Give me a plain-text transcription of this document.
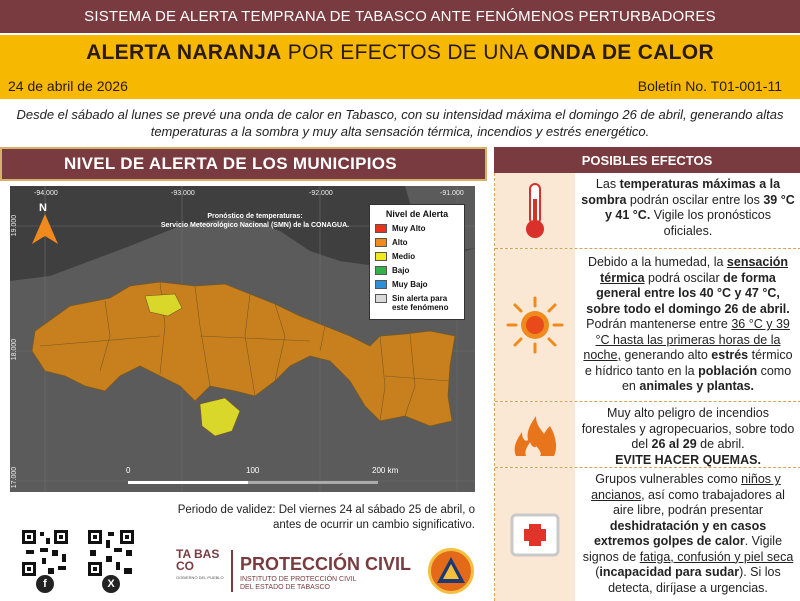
SISTEMA DE ALERTA TEMPRANA DE TABASCO ANTE FENÓMENOS PERTURBADORES
ALERTA NARANJA POR EFECTOS DE UNA ONDA DE CALOR
24 de abril de 2026	Boletín No. T01-001-11
Desde el sábado al lunes se prevé una onda de calor en Tabasco, con su intensidad máxima el domingo 26 de abril, generando altas temperaturas a la sombra y muy alta sensación térmica, incendios y estrés energético.
NIVEL DE ALERTA DE LOS MUNICIPIOS
N
-94.000	-93.000	-92.000	-91.000
19.000
18.000
17.000
Pronóstico de temperaturas:
Servicio Meteorológico Nacional (SMN) de la CONAGUA.
Nivel de Alerta
Muy Alto
Alto
Medio
Bajo
Muy Bajo
Sin alerta para este fenómeno
0	100	200 km
POSIBLES EFECTOS
Las temperaturas máximas a la sombra podrán oscilar entre los 39 °C y 41 °C. Vigile los pronósticos oficiales.
Debido a la humedad, la sensación térmica podrá oscilar de forma general entre los 40 °C y 47 °C, sobre todo el domingo 26 de abril. Podrán mantenerse entre 36 °C y 39 °C hasta las primeras horas de la noche, generando alto estrés térmico e hídrico tanto en la población como en animales y plantas.
Muy alto peligro de incendios forestales y agropecuarios, sobre todo del 26 al 29 de abril.
EVITE HACER QUEMAS.
Grupos vulnerables como niños y ancianos, así como trabajadores al aire libre, podrán presentar deshidratación y en casos extremos golpes de calor. Vigile signos de fatiga, confusión y piel seca (incapacidad para sudar). Si los detecta, diríjase a urgencias.
Periodo de validez: Del viernes 24 al sábado 25 de abril, o antes de ocurrir un cambio significativo.
f	X
TA BAS CO
GOBIERNO DEL PUEBLO
PROTECCIÓN CIVIL
INSTITUTO DE PROTECCIÓN CIVIL
DEL ESTADO DE TABASCO
